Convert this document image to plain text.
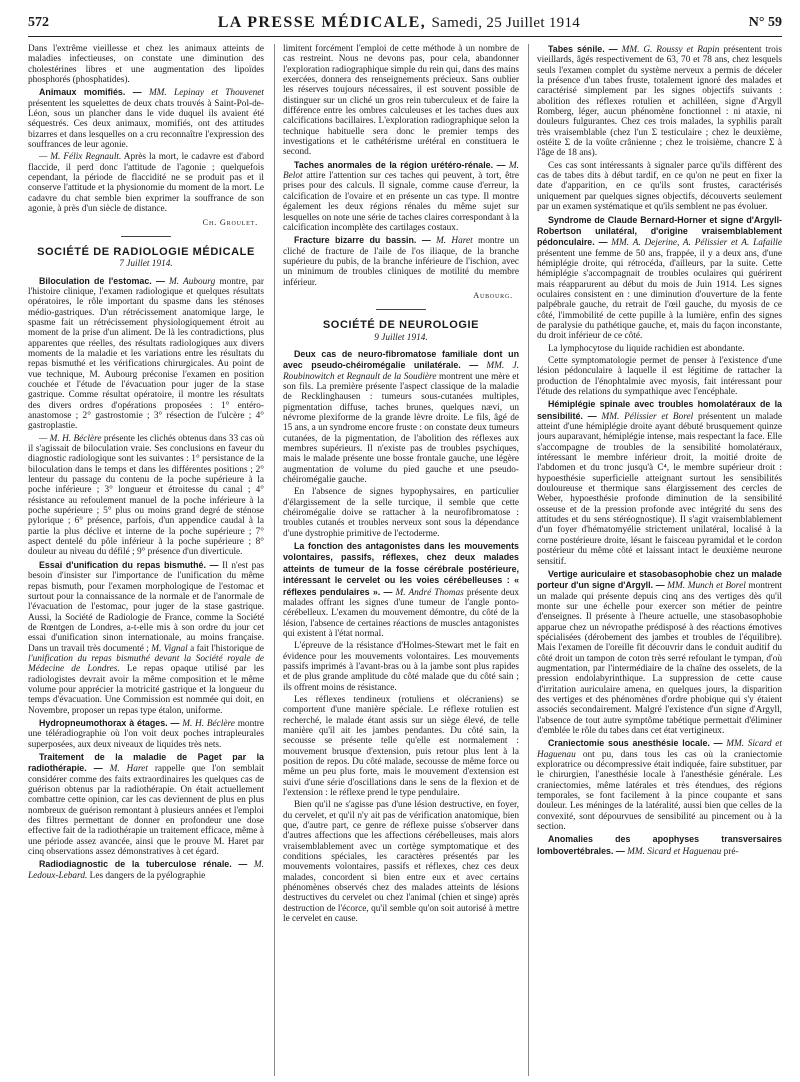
572	LA PRESSE MÉDICALE, Samedi, 25 Juillet 1914	N° 59

Dans l'extrême vieillesse et chez les animaux atteints de maladies infectieuses, on constate une diminution des cholestérines libres et une augmentation des lipoïdes phosphorés (phosphatides).

Animaux momifiés. — MM. Lepinay et Thouvenet présentent les squelettes de deux chats trouvés à Saint-Pol-de-Léon, sous un plancher dans le vide duquel ils avaient été séquestrés. Ces deux animaux, momifiés, ont des attitudes bizarres et dans lesquelles on a cru reconnaître l'expression des souffrances de leur agonie.

— M. Félix Regnault. Après la mort, le cadavre est d'abord flaccide, il perd donc l'attitude de l'agonie ; quelquefois cependant, la période de flaccidité ne se produit pas et il conserve l'attitude et la physionomie du moment de la mort. Le cadavre du chat semble bien exprimer la souffrance de son agonie, à près d'un siècle de distance.

Ch. Groulet.
SOCIÉTÉ DE RADIOLOGIE MÉDICALE

7 Juillet 1914.

Biloculation de l'estomac. — M. Aubourg montre, par l'histoire clinique, l'examen radiologique et quelques résultats opératoires, le rôle important du spasme dans les sténoses médio-gastriques. D'un rétrécissement anatomique large, le spasme fait un rétrécissement physiologiquement étroit au moment de la prise d'un aliment. De là les contradictions, plus apparentes que réelles, des résultats radiologiques aux divers moments de la maladie et les variations entre les résultats du repas bismuthé et les vérifications chirurgicales. Au point de vue technique, M. Aubourg préconise l'examen en position couchée et l'étude de l'évacuation pour juger de la stase gastrique. Comme résultat opératoire, il montre les résultats des divers ordres d'opérations proposées : 1° entéro-anastomose ; 2° gastrostomie ; 3° résection de l'ulcère ; 4° gastroplastie.

— M. H. Béclère présente les clichés obtenus dans 33 cas où il s'agissait de biloculation vraie. Ses conclusions en faveur du diagnostic radiologique sont les suivantes : 1° persistance de la biloculation dans le temps et dans les différentes positions ; 2° lenteur du passage du contenu de la poche supérieure à la poche inférieure ; 3° longueur et étroitesse du canal ; 4° résistance au refoulement manuel de la poche inférieure à la poche supérieure ; 5° plus ou moins grand degré de sténose pylorique ; 6° présence, parfois, d'un appendice caudal à la partie la plus déclive et interne de la poche supérieure ; 7° aspect dentelé du pôle inférieur à la poche supérieure ; 8° douleur au niveau du défilé ; 9° présence d'un diverticule.

Essai d'unification du repas bismuthé. — Il n'est pas besoin d'insister sur l'importance de l'unification du même repas bismuth, pour l'examen morphologique de l'estomac et surtout pour la connaissance de la normale et de l'anormale de l'évacuation de l'estomac, pour juger de la stase gastrique. Aussi, la Société de Radiologie de France, comme la Société de Rœntgen de Londres, a-t-elle mis à son ordre du jour cet essai d'unification sinon internationale, au moins française. Dans un travail très documenté ; M. Vignal a fait l'historique de l'unification du repas bismuthé devant la Société royale de Médecine de Londres. Le repas opaque utilisé par les radiologistes devrait avoir la même composition et le même volume pour apprécier la motricité gastrique et la longueur du temps d'évacuation. Une Commission est nommée qui doit, en Novembre, proposer un repas type étalon, uniforme.

Hydropneumothorax à étages. — M. H. Béclère montre une téléradiographie où l'on voit deux poches intrapleurales superposées, aux deux niveaux de liquides très nets.

Traitement de la maladie de Paget par la radiothérapie. — M. Haret rappelle que l'on semblait considérer comme des faits extraordinaires les quelques cas de guérison obtenus par la radiothérapie. On était actuellement combattre cette opinion, car les cas deviennent de plus en plus nombreux de guérison remontant à plusieurs années et l'emploi des filtres permettant de donner en profondeur une dose effective fait de la radiothérapie un traitement efficace, même à une période assez avancée, ainsi que le prouve M. Haret par cinq observations assez démonstratives à cet égard.

Radiodiagnostic de la tuberculose rénale. — M. Ledoux-Lebard. Les dangers de la pyélographie

limitent forcément l'emploi de cette méthode à un nombre de cas restreint. Nous ne devons pas, pour cela, abandonner l'exploration radiographique simple du rein qui, dans des mains exercées, donnera des renseignements précieux. Sans oublier les réserves toujours nécessaires, il est souvent possible de distinguer sur un cliché un gros rein tuberculeux et de faire la différence entre les ombres calculeuses et les taches dues aux calcifications bacillaires. L'exploration radiographique selon la technique habituelle sera donc le premier temps des investigations et le cathétérisme urétéral en constituera le second.

Taches anormales de la région urétéro-rénale. — M. Belot attire l'attention sur ces taches qui peuvent, à tort, être prises pour des calculs. Il signale, comme cause d'erreur, la calcification de l'ovaire et en présente un cas type. Il montre également les deux régions rénales du même sujet sur lesquelles on note une série de taches claires correspondant à la calcification incomplète des cartilages costaux.

Fracture bizarre du bassin. — M. Haret montre un cliché de fracture de l'aile de l'os iliaque, de la branche supérieure du pubis, de la branche inférieure de l'ischion, avec un minimum de troubles cliniques de motilité du membre inférieur.

Aubourg.
SOCIÉTÉ DE NEUROLOGIE

9 Juillet 1914.

Deux cas de neuro-fibromatose familiale dont un avec pseudo-chéiromégalie unilatérale. — MM. J. Roubinowitch et Regnault de la Soudière montrent une mère et son fils. La première présente l'aspect classique de la maladie de Recklinghausen : tumeurs sous-cutanées multiples, pigmentation diffuse, taches brunes, quelques nævi, un névrome plexiforme de la grande lèvre droite. Le fils, âgé de 15 ans, a un syndrome encore fruste : on constate deux tumeurs cutanées, de la pigmentation, de l'abolition des réflexes aux membres supérieurs. Il n'existe pas de troubles psychiques, mais le malade présente une bosse frontale gauche, une légère augmentation de volume du pied gauche et une pseudo-chéiromégalie gauche.

En l'absence de signes hypophysaires, en particulier d'élargissement de la selle turcique, il semble que cette chéiromégalie doive se rattacher à la neurofibromatose : troubles cutanés et troubles nerveux sont sous la dépendance d'une dystrophie primitive de l'ectoderme.

La fonction des antagonistes dans les mouvements volontaires, passifs, réflexes, chez deux malades atteints de tumeur de la fosse cérébrale postérieure, intéressant le cervelet ou les voies cérébelleuses : « réflexes pendulaires ». — M. André Thomas présente deux malades offrant les signes d'une tumeur de l'angle ponto-cérébelleux. L'examen du mouvement démontre, du côté de la lésion, l'absence de certaines réactions de muscles antagonistes qui existent à l'état normal.

L'épreuve de la résistance d'Holmes-Stewart met le fait en évidence pour les mouvements volontaires. Les mouvements passifs imprimés à l'avant-bras ou à la jambe sont plus rapides et de plus grande amplitude du côté malade que du côté sain ; ils offrent moins de résistance.

Les réflexes tendineux (rotuliens et olécraniens) se comportent d'une manière spéciale. Le réflexe rotulien est recherché, le malade étant assis sur un siège élevé, de telle manière qu'il ait les jambes pendantes. Du côté sain, la secousse se présente telle qu'elle est normalement : mouvement brusque d'extension, puis retour plus lent à la position de repos. Du côté malade, secousse de même force ou même un peu plus forte, mais le mouvement d'extension est suivi d'une série d'oscillations dans le sens de la flexion et de l'extension : le réflexe prend le type pendulaire.

Bien qu'il ne s'agisse pas d'une lésion destructive, en foyer, du cervelet, et qu'il n'y ait pas de vérification anatomique, bien que, d'autre part, ce genre de réflexe puisse s'observer dans d'autres affections que les affections cérébelleuses, mais alors vraisemblablement avec un cortège symptomatique et des conditions spéciales, les caractères présentés par les mouvements volontaires, passifs et réflexes, chez ces deux malades, concordent si bien entre eux et avec certains phénomènes observés chez des malades atteints de lésions destructives du cervelet ou chez l'animal (chien et singe) après destruction de l'écorce, qu'il semble qu'on soit autorisé à mettre le cervelet en cause.

Tabes sénile. — MM. G. Roussy et Rapin présentent trois vieillards, âgés respectivement de 63, 70 et 78 ans, chez lesquels seuls l'examen complet du système nerveux a permis de déceler la présence d'un tabes fruste, totalement ignoré des malades et caractérisé simplement par les signes objectifs suivants : abolition des réflexes rotulien et achilléen, signe d'Argyll Romberg, léger, aucun phénomène fonctionnel : ni ataxie, ni douleurs fulgurantes. Chez ces trois malades, la syphilis paraît très vraisemblable (chez l'un Σ testiculaire ; chez le deuxième, ostéite Σ de la voûte crânienne ; chez le troisième, chancre Σ à l'âge de 18 ans).

Ces cas sont intéressants à signaler parce qu'ils diffèrent des cas de tabes dits à début tardif, en ce qu'on ne peut en fixer la date d'apparition, en ce qu'ils sont frustes, caractérisés uniquement par quelques signes objectifs, découverts seulement par un examen systématique et qu'ils semblent ne pas évoluer.

Syndrome de Claude Bernard-Horner et signe d'Argyll-Robertson unilatéral, d'origine vraisemblablement pédonculaire. — MM. A. Dejerine, A. Pélissier et A. Lafaille présentent une femme de 50 ans, frappée, il y a deux ans, d'une hémiplégie droite, qui rétrocéda, d'ailleurs, par la suite. Cette hémiplégie s'accompagnait de troubles oculaires qui guérirent mais réapparurent au début du mois de Juin 1914. Les signes oculaires consistent en : une diminution d'ouverture de la fente palpébrale gauche, du retrait de l'œil gauche, du myosis de ce côté, l'immobilité de cette pupille à la lumière, enfin des signes de paralysie du pathétique gauche, et, mais du façon inconstante, du droit inférieur de ce côté.

La lymphocytose du liquide rachidien est abondante.

Cette symptomatologie permet de penser à l'existence d'une lésion pédonculaire à laquelle il est légitime de rattacher la production de l'énophtalmie avec myosis, fait intéressant pour l'étude des relations du sympathique avec l'encéphale.

Hémiplégie spinale avec troubles homolatéraux de la sensibilité. — MM. Pélissier et Borel présentent un malade atteint d'une hémiplégie droite ayant débuté brusquement quinze jours auparavant, hémiplégie intense, mais respectant la face. Elle s'accompagne de troubles de la sensibilité homolatéraux, intéressant le membre inférieur droit, la moitié droite de l'abdomen et du tronc jusqu'à C⁴, le membre supérieur droit : hypoesthésie superficielle atteignant surtout les sensibilités douloureuse et thermique sans élargissement des cercles de Weber, hypoesthésie profonde diminution de la sensibilité osseuse et de la pression profonde avec intégrité du sens des attitudes et du sens stéréognostique). Il s'agit vraisemblablement d'un foyer d'hématomyélie strictement unilatéral, localisé à la corne postérieure droite, lésant le faisceau pyramidal et le cordon postérieur du même côté et laissant intact le deuxième neurone sensitif.

Vertige auriculaire et stasobasophobie chez un malade porteur d'un signe d'Argyll. — MM. Munch et Borel montrent un malade qui présente depuis cinq ans des vertiges dès qu'il monte sur une échelle pour exercer son métier de peintre d'enseignes. Il présente à l'heure actuelle, une stasobasophobie apparue chez un névropathe prédisposé à des réactions émotives spécialisées (dérobement des jambes et troubles de l'équilibre). Mais l'examen de l'oreille fit découvrir dans le conduit auditif du côté droit un tampon de coton très serré refoulant le tympan, d'où augmentation, par l'intermédiaire de la chaîne des osselets, de la pression endolabyrinthique. La suppression de cette cause d'irritation auriculaire amena, en quelques jours, la disparition des vertiges et des phénomènes d'ordre phobique qui s'y étaient associés secondairement. Malgré l'existence d'un signe d'Argyll, l'absence de tout autre symptôme tabétique permettait d'éliminer d'emblée le rôle du tabes dans cet état vertigineux.

Craniectomie sous anesthésie locale. — MM. Sicard et Haguenau ont pu, dans tous les cas où la craniectomie exploratrice ou décompressive était indiquée, faire substituer, par le chirurgien, l'anesthésie locale à l'anesthésie générale. Les craniectomies, même latérales et très étendues, des régions temporales, se font facilement à la pince coupante et sans douleur. Les méninges de la latéralité, aussi bien que celles de la convexité, sont dépourvues de sensibilité au pincement ou à la section.

Anomalies des apophyses transversaires lombovertébrales. — MM. Sicard et Haguenau pré-
